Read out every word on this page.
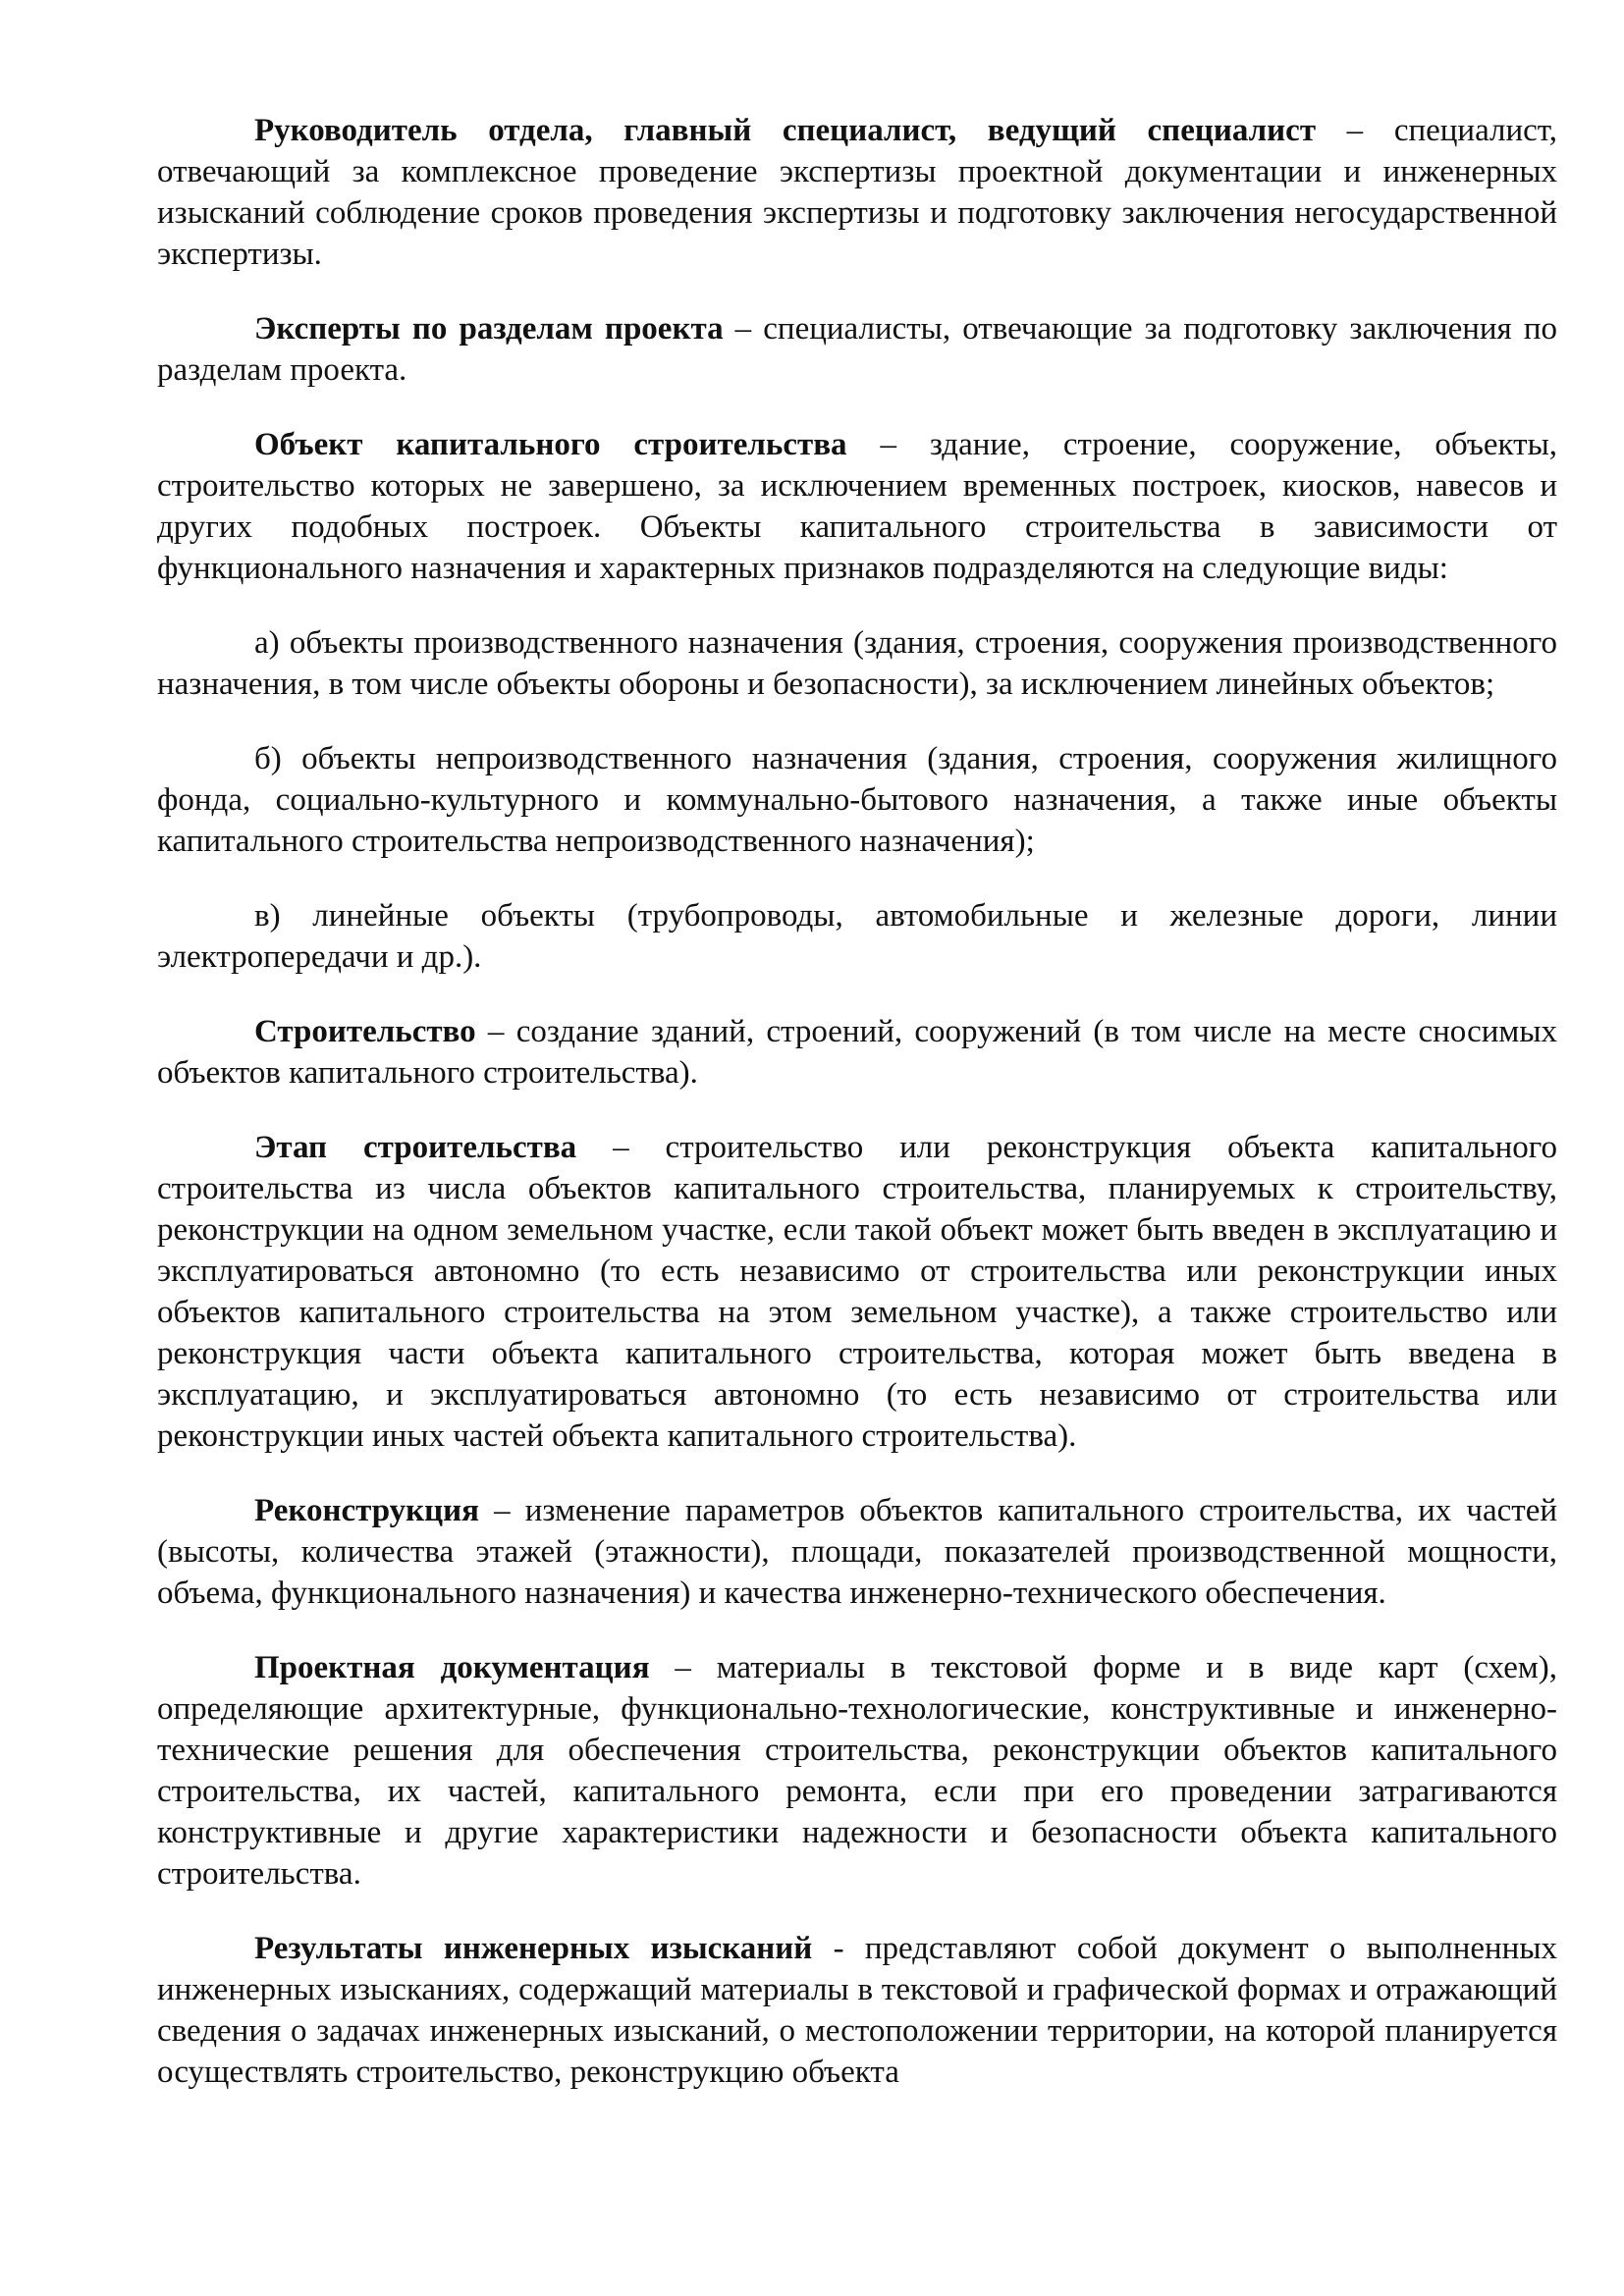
Руководитель отдела, главный специалист, ведущий специалист – специалист, отвечающий за комплексное проведение экспертизы проектной документации и инженерных изысканий соблюдение сроков проведения экспертизы и подготовку заключения негосударственной экспертизы.

Эксперты по разделам проекта – специалисты, отвечающие за подготовку заключения по разделам проекта.

Объект капитального строительства – здание, строение, сооружение, объекты, строительство которых не завершено, за исключением временных построек, киосков, навесов и других подобных построек. Объекты капитального строительства в зависимости от функционального назначения и характерных признаков подразделяются на следующие виды:

а) объекты производственного назначения (здания, строения, сооружения производственного назначения, в том числе объекты обороны и безопасности), за исключением линейных объектов;

б) объекты непроизводственного назначения (здания, строения, сооружения жилищного фонда, социально-культурного и коммунально-бытового назначения, а также иные объекты капитального строительства непроизводственного назначения);

в) линейные объекты (трубопроводы, автомобильные и железные дороги, линии электропередачи и др.).

Строительство – создание зданий, строений, сооружений (в том числе на месте сносимых объектов капитального строительства).

Этап строительства – строительство или реконструкция объекта капитального строительства из числа объектов капитального строительства, планируемых к строительству, реконструкции на одном земельном участке, если такой объект может быть введен в эксплуатацию и эксплуатироваться автономно (то есть независимо от строительства или реконструкции иных объектов капитального строительства на этом земельном участке), а также строительство или реконструкция части объекта капитального строительства, которая может быть введена в эксплуатацию, и эксплуатироваться автономно (то есть независимо от строительства или реконструкции иных частей объекта капитального строительства).

Реконструкция – изменение параметров объектов капитального строительства, их частей (высоты, количества этажей (этажности), площади, показателей производственной мощности, объема, функционального назначения) и качества инженерно-технического обеспечения.

Проектная документация – материалы в текстовой форме и в виде карт (схем), определяющие архитектурные, функционально-технологические, конструктивные и инженерно-технические решения для обеспечения строительства, реконструкции объектов капитального строительства, их частей, капитального ремонта, если при его проведении затрагиваются конструктивные и другие характеристики надежности и безопасности объекта капитального строительства.

Результаты инженерных изысканий - представляют собой документ о выполненных инженерных изысканиях, содержащий материалы в текстовой и графической формах и отражающий сведения о задачах инженерных изысканий, о местоположении территории, на которой планируется осуществлять строительство, реконструкцию объекта
